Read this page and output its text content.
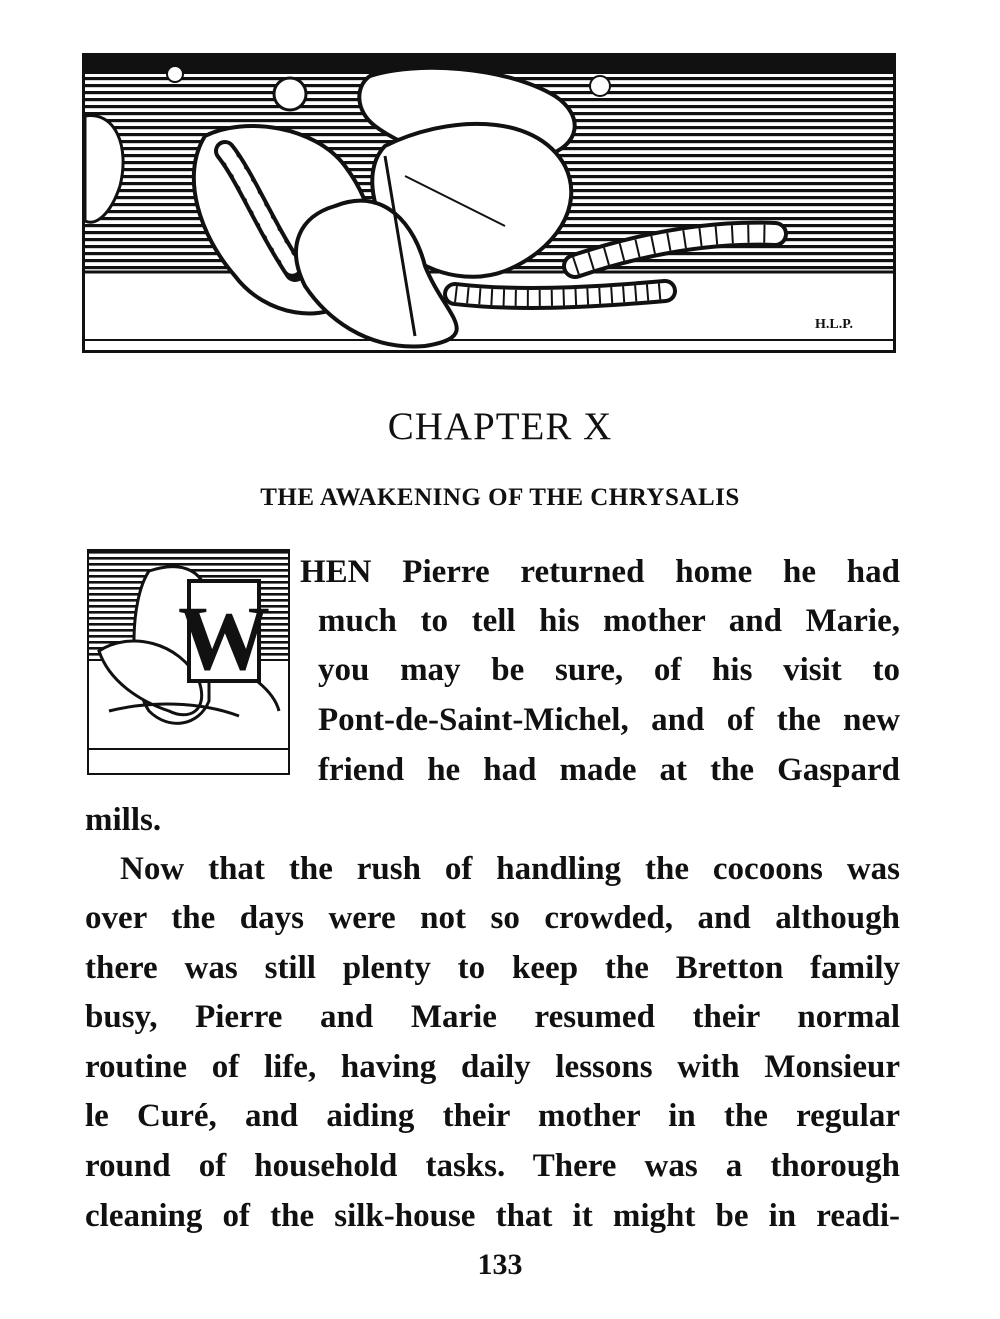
H.L.P.
CHAPTER X
THE AWAKENING OF THE CHRYSALIS
W
HEN Pierre returned home he had
much to tell his mother and Marie,
you may be sure, of his visit to
Pont-de-Saint-Michel, and of the new
friend he had made at the Gaspard
mills.
Now that the rush of handling the cocoons was
over the days were not so crowded, and although
there was still plenty to keep the Bretton family
busy, Pierre and Marie resumed their normal
routine of life, having daily lessons with Monsieur
le Curé, and aiding their mother in the regular
round of household tasks. There was a thorough
cleaning of the silk-house that it might be in readi-
133
